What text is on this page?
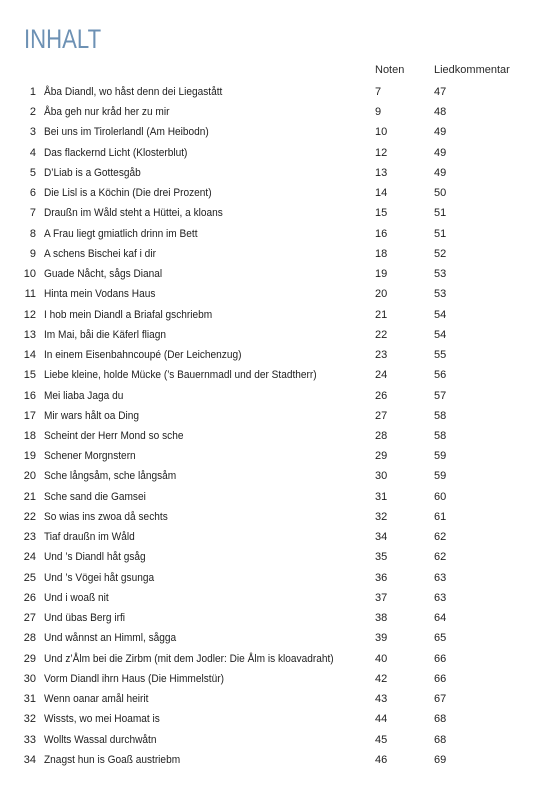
INHALT
Noten	Liedkommentar
1 Åba Diandl, wo håst denn dei Liegastått	7	47
2 Åba geh nur kråd her zu mir	9	48
3 Bei uns im Tirolerlandl (Am Heibodn)	10	49
4 Das flackernd Licht (Klosterblut)	12	49
5 D’Liab is a Gottesgåb	13	49
6 Die Lisl is a Köchin (Die drei Prozent)	14	50
7 Draußn im Wåld steht a Hüttei, a kloans	15	51
8 A Frau liegt gmiatlich drinn im Bett	16	51
9 A schens Bischei kaf i dir	18	52
10 Guade Nåcht, sågs Dianal	19	53
11 Hinta mein Vodans Haus	20	53
12 I hob mein Diandl a Briafal gschriebm	21	54
13 Im Mai, båi die Käferl fliagn	22	54
14 In einem Eisenbahncoupé (Der Leichenzug)	23	55
15 Liebe kleine, holde Mücke (’s Bauernmadl und der Stadtherr)	24	56
16 Mei liaba Jaga du	26	57
17 Mir wars hålt oa Ding	27	58
18 Scheint der Herr Mond so sche	28	58
19 Schener Morgnstern	29	59
20 Sche långsåm, sche långsåm	30	59
21 Sche sand die Gamsei	31	60
22 So wias ins zwoa då sechts	32	61
23 Tiaf draußn im Wåld	34	62
24 Und ’s Diandl håt gsåg	35	62
25 Und ’s Vögei håt gsunga	36	63
26 Und i woaß nit	37	63
27 Und übas Berg irfi	38	64
28 Und wånnst an Himml, sågga	39	65
29 Und z’Ålm bei die Zirbm (mit dem Jodler: Die Ålm is kloavadraht)	40	66
30 Vorm Diandl ihrn Haus (Die Himmelstür)	42	66
31 Wenn oanar amål heirit	43	67
32 Wissts, wo mei Hoamat is	44	68
33 Wollts Wassal durchwåtn	45	68
34 Znagst hun is Goaß austriebm	46	69
